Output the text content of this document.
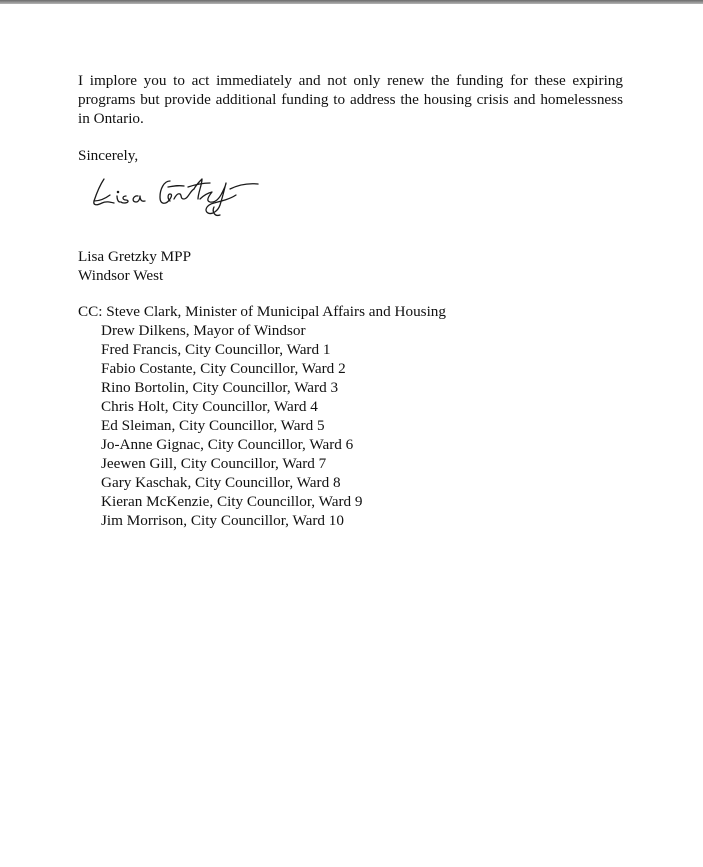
I implore you to act immediately and not only renew the funding for these expiring programs but provide additional funding to address the housing crisis and homelessness in Ontario.

Sincerely,
Lisa Gretzky MPP
Windsor West
CC: Steve Clark, Minister of Municipal Affairs and Housing
Drew Dilkens, Mayor of Windsor
Fred Francis, City Councillor, Ward 1
Fabio Costante, City Councillor, Ward 2
Rino Bortolin, City Councillor, Ward 3
Chris Holt, City Councillor, Ward 4
Ed Sleiman, City Councillor, Ward 5
Jo-Anne Gignac, City Councillor, Ward 6
Jeewen Gill, City Councillor, Ward 7
Gary Kaschak, City Councillor, Ward 8
Kieran McKenzie, City Councillor, Ward 9
Jim Morrison, City Councillor, Ward 10
